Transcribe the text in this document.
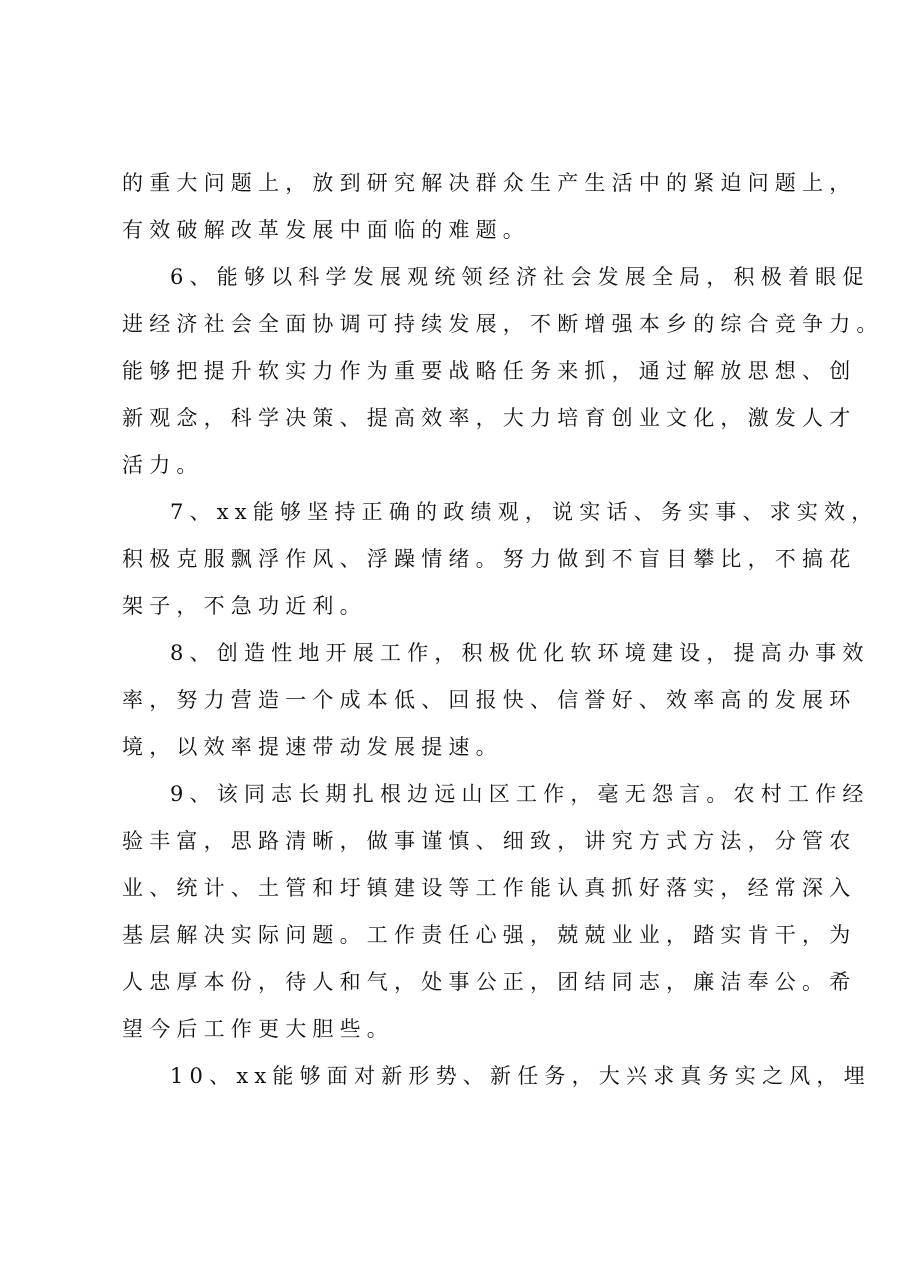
的重大问题上，放到研究解决群众生产生活中的紧迫问题上，
有效破解改革发展中面临的难题。
6、能够以科学发展观统领经济社会发展全局，积极着眼促
进经济社会全面协调可持续发展，不断增强本乡的综合竞争力。
能够把提升软实力作为重要战略任务来抓，通过解放思想、创
新观念，科学决策、提高效率，大力培育创业文化，激发人才
活力。
7、xx能够坚持正确的政绩观，说实话、务实事、求实效，
积极克服飘浮作风、浮躁情绪。努力做到不盲目攀比，不搞花
架子，不急功近利。
8、创造性地开展工作，积极优化软环境建设，提高办事效
率，努力营造一个成本低、回报快、信誉好、效率高的发展环
境，以效率提速带动发展提速。
9、该同志长期扎根边远山区工作，毫无怨言。农村工作经
验丰富，思路清晰，做事谨慎、细致，讲究方式方法，分管农
业、统计、土管和圩镇建设等工作能认真抓好落实，经常深入
基层解决实际问题。工作责任心强，兢兢业业，踏实肯干，为
人忠厚本份，待人和气，处事公正，团结同志，廉洁奉公。希
望今后工作更大胆些。
10、xx能够面对新形势、新任务，大兴求真务实之风，埋
